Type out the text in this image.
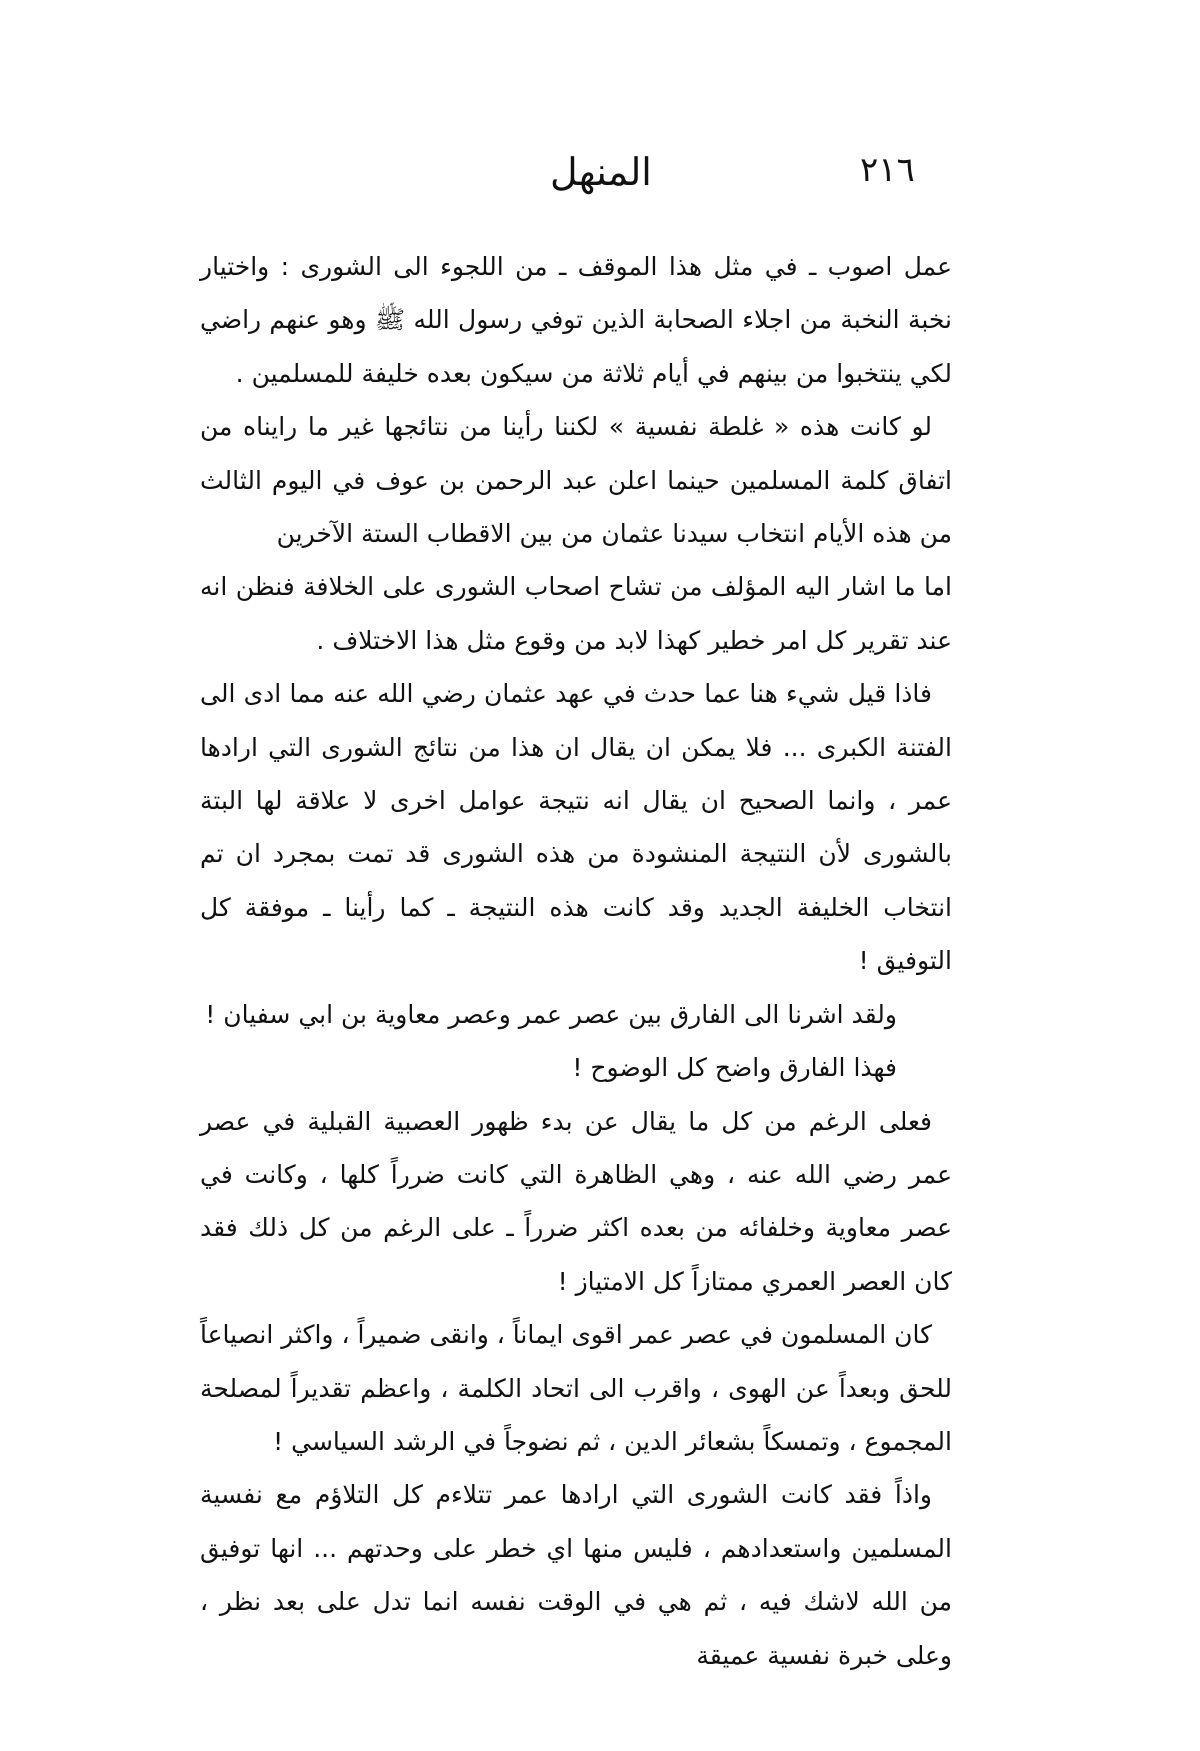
٢١٦
المنهل

عمل اصوب ـ في مثل هذا الموقف ـ من اللجوء الى الشورى : واختيار نخبة النخبة من اجلاء الصحابة الذين توفي رسول الله ﷺ وهو عنهم راضي لكي ينتخبوا من بينهم في أيام ثلاثة من سيكون بعده خليفة للمسلمين .

لو كانت هذه « غلطة نفسية » لكننا رأينا من نتائجها غير ما رايناه من اتفاق كلمة المسلمين حينما اعلن عبد الرحمن بن عوف في اليوم الثالث من هذه الأيام انتخاب سيدنا عثمان من بين الاقطاب الستة الآخرين

اما ما اشار اليه المؤلف من تشاح اصحاب الشورى على الخلافة فنظن انه عند تقرير كل امر خطير كهذا لابد من وقوع مثل هذا الاختلاف .

فاذا قيل شيء هنا عما حدث في عهد عثمان رضي الله عنه مما ادى الى الفتنة الكبرى ... فلا يمكن ان يقال ان هذا من نتائج الشورى التي ارادها عمر ، وانما الصحيح ان يقال انه نتيجة عوامل اخرى لا علاقة لها البتة بالشورى لأن النتيجة المنشودة من هذه الشورى قد تمت بمجرد ان تم انتخاب الخليفة الجديد وقد كانت هذه النتيجة ـ كما رأينا ـ موفقة كل التوفيق !

ولقد اشرنا الى الفارق بين عصر عمر وعصر معاوية بن ابي سفيان !

فهذا الفارق واضح كل الوضوح !

فعلى الرغم من كل ما يقال عن بدء ظهور العصبية القبلية في عصر عمر رضي الله عنه ، وهي الظاهرة التي كانت ضرراً كلها ، وكانت في عصر معاوية وخلفائه من بعده اكثر ضرراً ـ على الرغم من كل ذلك فقد كان العصر العمري ممتازاً كل الامتياز !

كان المسلمون في عصر عمر اقوى ايماناً ، وانقى ضميراً ، واكثر انصياعاً للحق وبعداً عن الهوى ، واقرب الى اتحاد الكلمة ، واعظم تقديراً لمصلحة المجموع ، وتمسكاً بشعائر الدين ، ثم نضوجاً في الرشد السياسي !

واذاً فقد كانت الشورى التي ارادها عمر تتلاءم كل التلاؤم مع نفسية المسلمين واستعدادهم ، فليس منها اي خطر على وحدتهم ... انها توفيق من الله لاشك فيه ، ثم هي في الوقت نفسه انما تدل على بعد نظر ، وعلى خبرة نفسية عميقة
